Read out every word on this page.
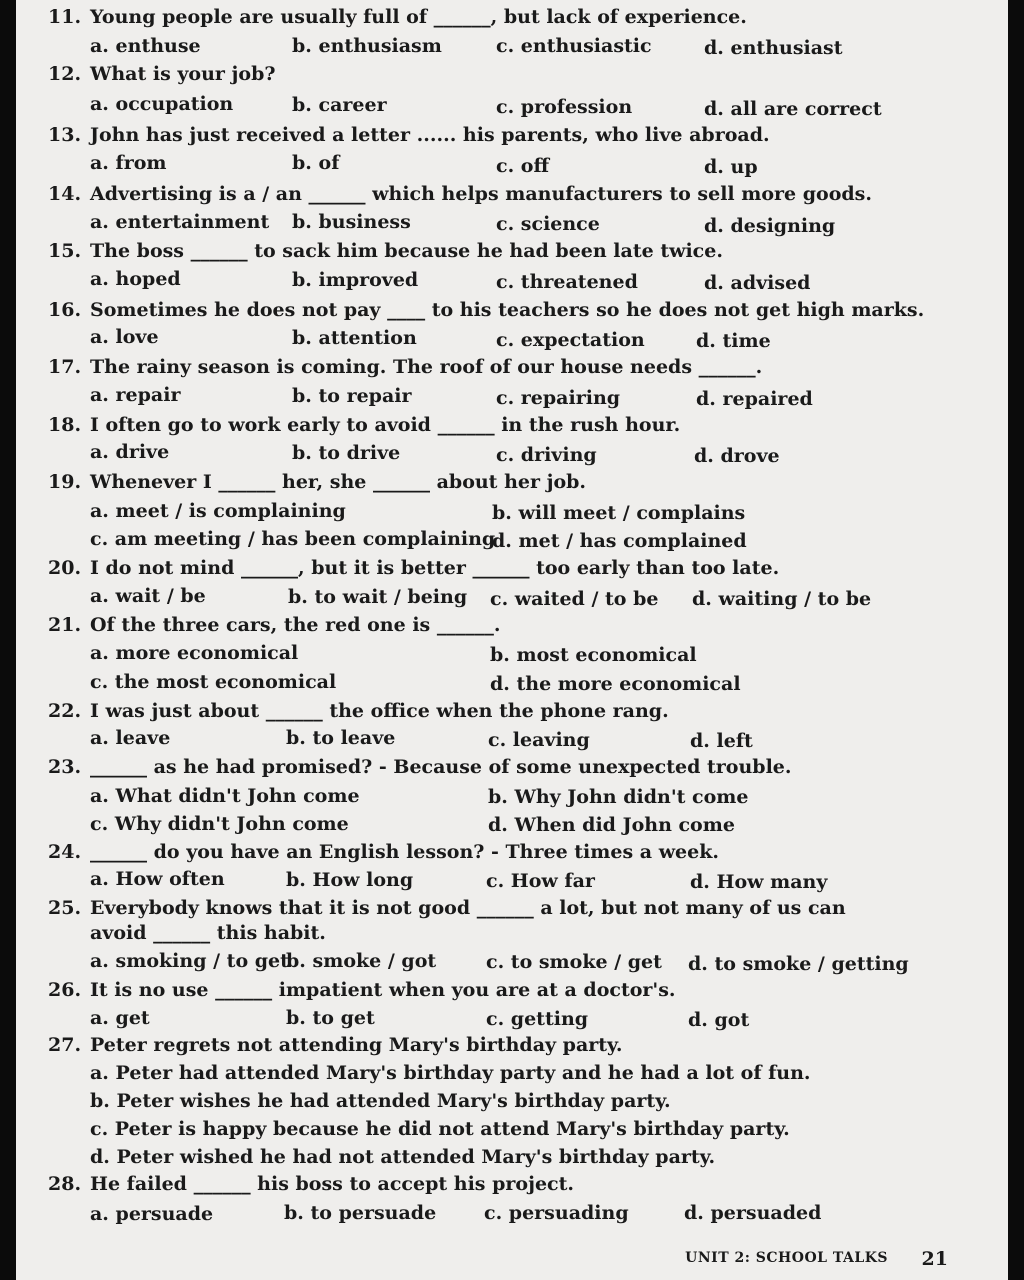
11. Young people are usually full of ______, but lack of experience.
a. enthuse	b. enthusiasm	c. enthusiastic	d. enthusiast
12. What is your job?
a. occupation	b. career	c. profession	d. all are correct
13. John has just received a letter ...... his parents, who live abroad.
a. from	b. of	c. off	d. up
14. Advertising is a / an ______ which helps manufacturers to sell more goods.
a. entertainment b. business	c. science	d. designing
15. The boss ______ to sack him because he had been late twice.
a. hoped	b. improved	c. threatened	d. advised
16. Sometimes he does not pay ____ to his teachers so he does not get high marks.
a. love	b. attention	c. expectation	d. time
17. The rainy season is coming. The roof of our house needs ______.
a. repair	b. to repair	c. repairing	d. repaired
18. I often go to work early to avoid ______ in the rush hour.
a. drive	b. to drive	c. driving	d. drove
19. Whenever I ______ her, she ______ about her job.
a. meet / is complaining	b. will meet / complains
c. am meeting / has been complaining
d. met / has complained
20. I do not mind ______, but it is better ______ too early than too late.
a. wait / be	b. to wait / being c. waited / to be d. waiting / to be
21. Of the three cars, the red one is ______.
a. more economical	b. most economical
c. the most economical	d. the more economical
22. I was just about ______ the office when the phone rang.
a. leave	b. to leave	c. leaving	d. left
23. ______ as he had promised? - Because of some unexpected trouble.
a. What didn't John come	b. Why John didn't come
c. Why didn't John come	d. When did John come
24. ______ do you have an English lesson? - Three times a week.
a. How often	b. How long	c. How far	d. How many
25. Everybody knows that it is not good ______ a lot, but not many of us can
avoid ______ this habit.
a. smoking / to get
b. smoke / got	c. to smoke / get d. to smoke / getting
26. It is no use ______ impatient when you are at a doctor's.
a. get	b. to get	c. getting	d. got
27. Peter regrets not attending Mary's birthday party.
a. Peter had attended Mary's birthday party and he had a lot of fun.
b. Peter wishes he had attended Mary's birthday party.
c. Peter is happy because he did not attend Mary's birthday party.
d. Peter wished he had not attended Mary's birthday party.
28. He failed ______ his boss to accept his project.
a. persuade	b. to persuade	c. persuading	d. persuaded
UNIT 2: SCHOOL TALKS 21
